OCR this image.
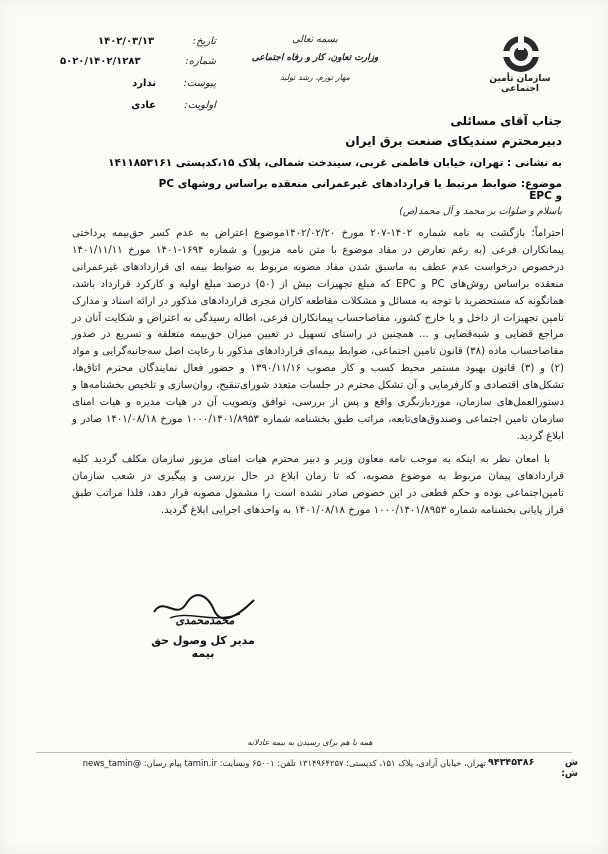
سازمان تأمین اجتماعی
بسمه تعالی
وزارت تعاون، کار و رفاه اجتماعی
مهار تورم، رشد تولید
تاریخ:
۱۴۰۲/۰۳/۱۳
شماره:
۵۰۲۰/۱۴۰۲/۱۲۸۳
پیوست:
ندارد
اولویت:
عادی
جناب آقای مسائلی
دبیرمحترم سندیکای صنعت برق ایران
به نشانی : تهران، خیابان فاطمی غربی، سیندخت شمالی، پلاک ۱۵،کدپستی ۱۴۱۱۸۵۳۱۶۱
موضوع: ضوابط مرتبط با قراردادهای غیرعمرانی منعقده براساس روشهای PC و EPC
باسلام و صلوات بر محمد و آل محمد(ص)

احتراماً؛ بازگشت به نامه شماره ۱۴۰۲-۲۰۷ مورخ ۱۴۰۲/۰۲/۲۰موضوع اعتراض به عدم کسر حق‌بیمه پرداختی پیمانکاران فرعی (به رغم تعارض در مفاد موضوع با متن نامه مزبور) و شماره ۱۶۹۴-۱۴۰۱ مورخ ۱۴۰۱/۱۱/۱۱ درخصوص درخواست عدم عطف به ماسبق شدن مفاد مصوبه مربوط به ضوابط بیمه ای قراردادهای غیرعمرانی منعقده براساس روش‌های PC و EPC که مبلغ تجهیزات بیش از (۵۰) درصد مبلغ اولیه و کارکرد قرارداد باشد، همانگونه که مستحضرید با توجه به مسائل و مشکلات مقاطعه کاران مجری قراردادهای مذکور در ارائه اسناد و مدارک تامین تجهیزات از داخل و یا خارج کشور، مفاصاحساب پیمانکاران فرعی، اطاله رسیدگی به اعتراض و شکایت آنان در مراجع قضایی و شبه‌قضایی و ... همچنین در راستای تسهیل در تعیین میزان حق‌بیمه متعلقه و تسریع در صدور مفاصاحساب ماده (۳۸) قانون تامین اجتماعی، ضوابط بیمه‌ای قراردادهای مذکور با رعایت اصل سه‌جانبه‌گرایی و مواد (۲) و (۳) قانون بهبود مستمر محیط کسب و کار مصوب ۱۳۹۰/۱۱/۱۶ و حضور فعال نمایندگان محترم اتاق‌ها، تشکل‌های اقتصادی و کارفرمایی و آن تشکل محترم در جلسات متعدد شورای‌تنقیح، روان‌سازی و تلخیص بخشنامه‌ها و دستورالعمل‌های سازمان، موردبازنگری واقع و پس از بررسی، توافق وتصویب آن در هیات مدیره و هیات امنای سازمان تامین اجتماعی وصندوق‌های‌تابعه، مراتب طبق بخشنامه شماره ۱۰۰۰/۱۴۰۱/۸۹۵۳ مورخ ۱۴۰۱/۰۸/۱۸ صادر و ابلاغ گردید.

با امعان نظر به اینکه به موجب نامه معاون وزیر و دبیر محترم هیات امنای مزبور سازمان مکلف گردید کلیه قراردادهای پیمان مربوط به موضوع مصوبه، که تا زمان ابلاغ در حال بررسی و پیگیری در شعب سازمان تامین‌اجتماعی بوده و حکم قطعی در این خصوص صادر نشده است را مشمول مصوبه قرار دهد، فلذا مراتب طبق فراز پایانی بخشنامه شماره ۱۰۰۰/۱۴۰۱/۸۹۵۳ مورخ ۱۴۰۱/۰۸/۱۸ به واحدهای اجرایی ابلاغ گردید.

محمدمحمدی
مدیر کل وصول حق بیمه
همه با هم برای رسیدن به بیمه عادلانه
تهران، خیابان آزادی، پلاک ۱۵۱، کدپستی: ۱۳۱۴۹۶۴۲۵۷ تلفن: ۶۵۰۰۱ وبسایت: tamin.ir پیام رسان: @news_tamin	ش ش:
۹۴۳۴۵۳۸۶
